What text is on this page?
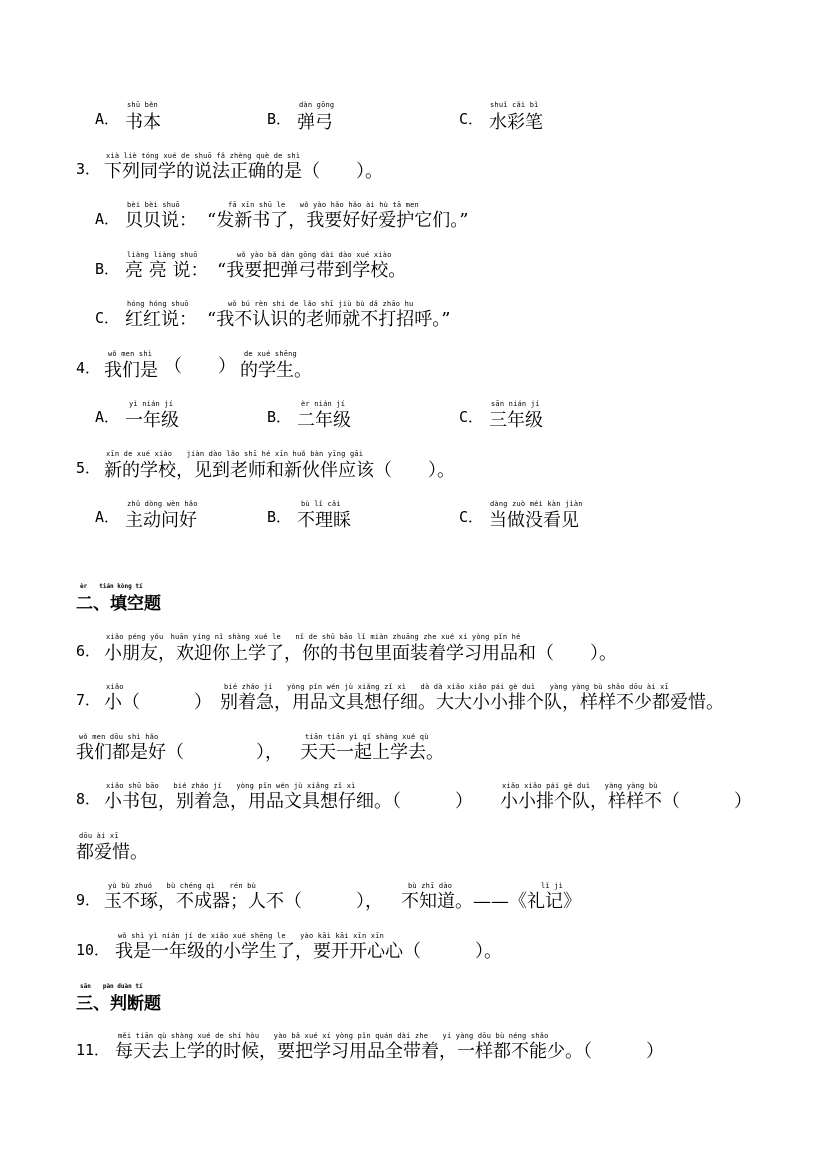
A．
shū běn
书本	B．
dàn gōng
弹弓	C．
shuǐ cǎi bǐ
水彩笔
3．
xià liè tóng xué de shuō fǎ zhèng què de shì
下列同学的说法正确的是（　　）。
A．
bèi bèi shuō
贝贝说：
fā xīn shū le　　wǒ yào hǎo hǎo ài hù tā men
“发新书了，我要好好爱护它们。”
B．
liàng liàng shuō
亮 亮 说：
wǒ yào bǎ dàn gōng dài dào xué xiào
“我要把弹弓带到学校。
C．
hóng hóng shuō
红红说：
wǒ bú rèn shi de lǎo shī jiù bù dǎ zhāo hu
“我不认识的老师就不打招呼。”
4．
wǒ men shì
我们是 （　　）
de xué shēng
的学生。
A．
yì nián jí
一年级	B．
èr nián jí
二年级	C．
sān nián jí
三年级
5．
xīn de xué xiào　　jiàn dào lǎo shī hé xīn huǒ bàn yīng gāi
新的学校，见到老师和新伙伴应该（　　）。
A．
zhǔ dòng wèn hǎo
主动问好	B．
bù lǐ cǎi
不理睬	C．
dàng zuò méi kàn jiàn
当做没看见
èr　　tián kòng tí
二、填空题
6．
xiǎo péng yǒu　huān yíng nǐ shàng xué le　　nǐ de shū bāo lǐ miàn zhuāng zhe xué xí yòng pǐn hé
小朋友，欢迎你上学了，你的书包里面装着学习用品和（　　）。
7．
xiǎo
小（　　　）
bié zháo jí　　yòng pǐn wén jù xiǎng zǐ xì　　dà dà xiǎo xiǎo pái gè duì　　yàng yàng bù shǎo dōu ài xī
别着急，用品文具想仔细。大大小小排个队，样样不少都爱惜。
wǒ men dōu shì hǎo
我们都是好（　　　　），
tiān tiān yì qǐ shàng xué qù
天天一起上学去。
8．
xiǎo shū bāo　　bié zháo jí　　yòng pǐn wén jù xiǎng zǐ xì
小书包，别着急，用品文具想仔细。（　　　）
xiǎo xiǎo pái gè duì　　yàng yàng bù
小小排个队，样样不（　　　）
dōu ài xī
都爱惜。
9．
yù bù zhuó　　bù chéng qì　　rén bù
玉不琢，不成器；人不（　　　），
bù zhī dào
不知道。——《礼记》
lǐ jì
10．
wǒ shì yì nián jí de xiǎo xué shēng le　　yào kāi kāi xīn xīn
我是一年级的小学生了，要开开心心（　　　）。
sān　　pàn duàn tí
三、判断题
11．
měi tiān qù shàng xué de shí hòu　　yào bǎ xué xí yòng pǐn quán dài zhe　　yí yàng dōu bù néng shǎo
每天去上学的时候，要把学习用品全带着，一样都不能少。（　　　）
